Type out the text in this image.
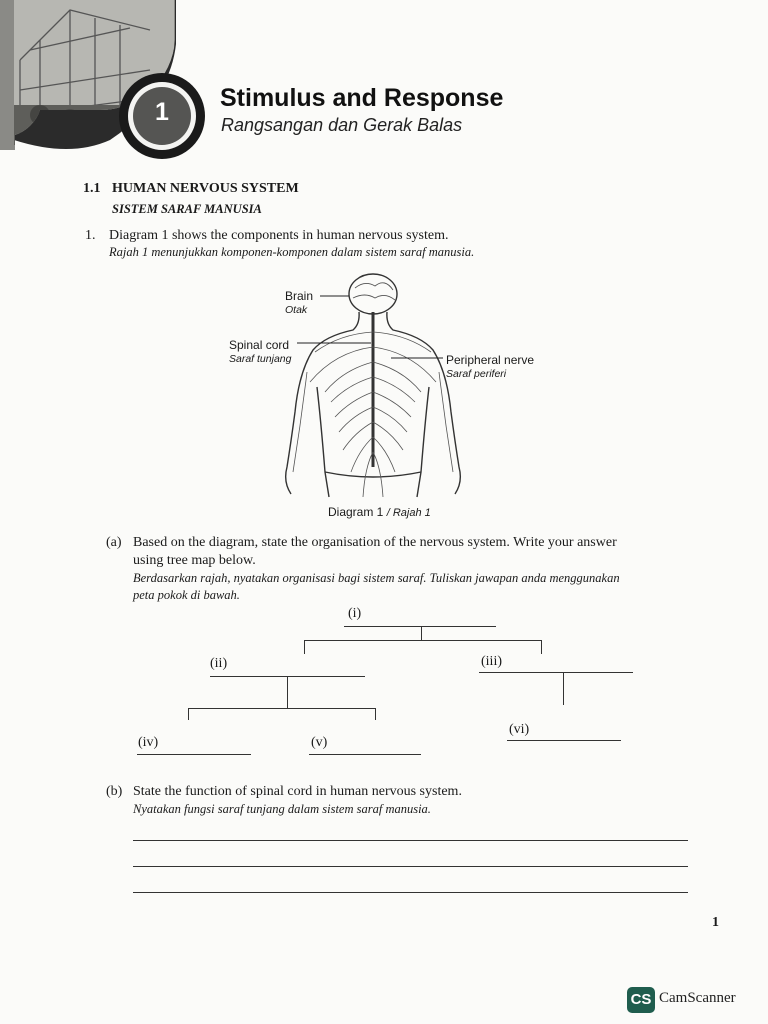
1	Stimulus and Response
Rangsangan dan Gerak Balas
1.1 HUMAN NERVOUS SYSTEM
SISTEM SARAF MANUSIA
1. Diagram 1 shows the components in human nervous system.
Rajah 1 menunjukkan komponen-komponen dalam sistem saraf manusia.
Brain
Otak
Spinal cord
Saraf tunjang	Peripheral nerve
Saraf periferi
Diagram 1 / Rajah 1
(a) Based on the diagram, state the organisation of the nervous system. Write your answer
using tree map below.
Berdasarkan rajah, nyatakan organisasi bagi sistem saraf. Tuliskan jawapan anda menggunakan
peta pokok di bawah.
(i)
(ii)	(iii)
(iv)	(v)
(vi)
(b) State the function of spinal cord in human nervous system.
Nyatakan fungsi saraf tunjang dalam sistem saraf manusia.
1
CS CamScanner
